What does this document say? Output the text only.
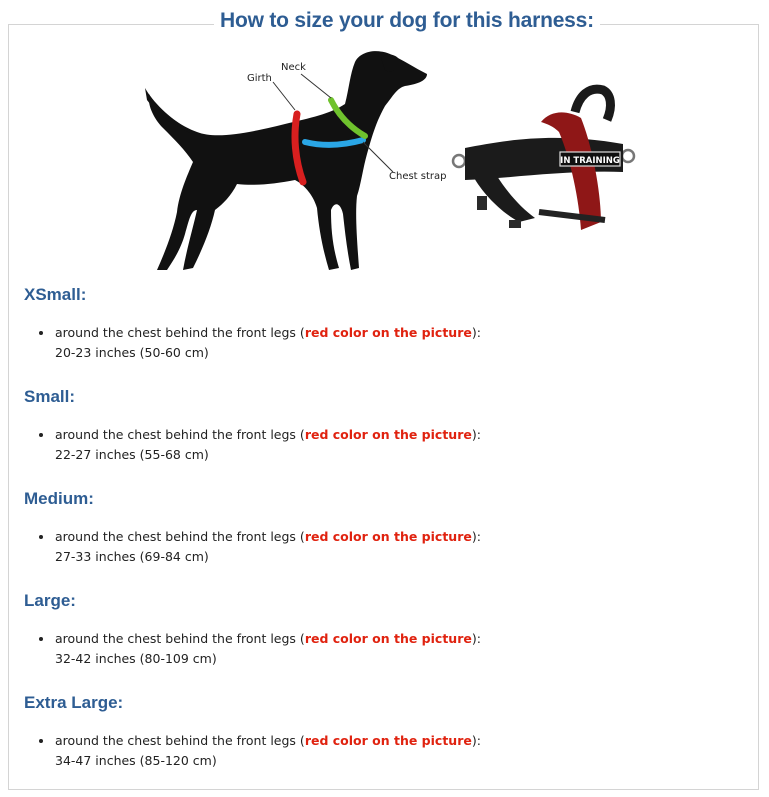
How to size your dog for this harness:
Girth
Neck
Chest strap
IN TRAINING
XSmall:
around the chest behind the front legs (red color on the picture):
20-23 inches (50-60 cm)
Small:
around the chest behind the front legs (red color on the picture):
22-27 inches (55-68 cm)
Medium:
around the chest behind the front legs (red color on the picture):
27-33 inches (69-84 cm)
Large:
around the chest behind the front legs (red color on the picture):
32-42 inches (80-109 cm)
Extra Large:
around the chest behind the front legs (red color on the picture):
34-47 inches (85-120 cm)
